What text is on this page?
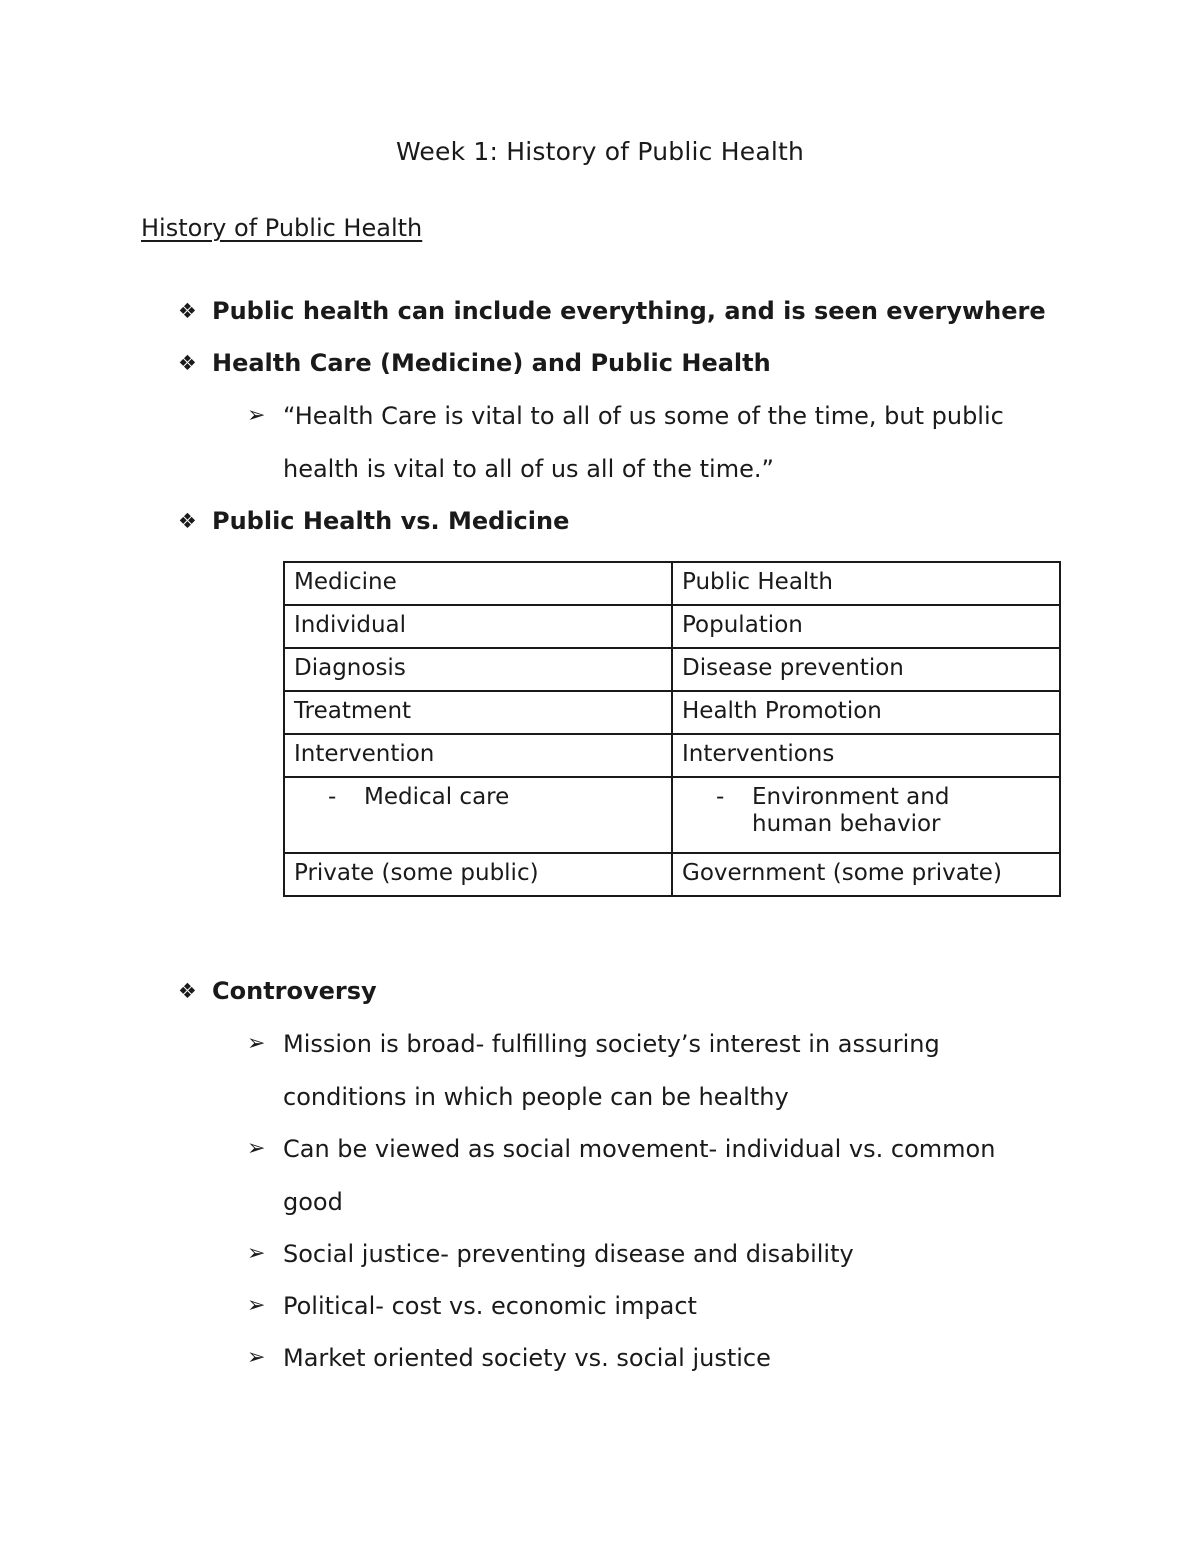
Week 1: History of Public Health
History of Public Health
❖ Public health can include everything, and is seen everywhere
❖ Health Care (Medicine) and Public Health
➢ “Health Care is vital to all of us some of the time, but public
health is vital to all of us all of the time.”
❖ Public Health vs. Medicine
Medicine	Public Health
Individual	Population
Diagnosis	Disease prevention
Treatment	Health Promotion
Intervention	Interventions

- Medical care	- Environment and
human behavior

Private (some public)	Government (some private)
❖ Controversy
➢ Mission is broad- fulfilling society’s interest in assuring
conditions in which people can be healthy
➢ Can be viewed as social movement- individual vs. common
good
➢ Social justice- preventing disease and disability
➢ Political- cost vs. economic impact
➢ Market oriented society vs. social justice
